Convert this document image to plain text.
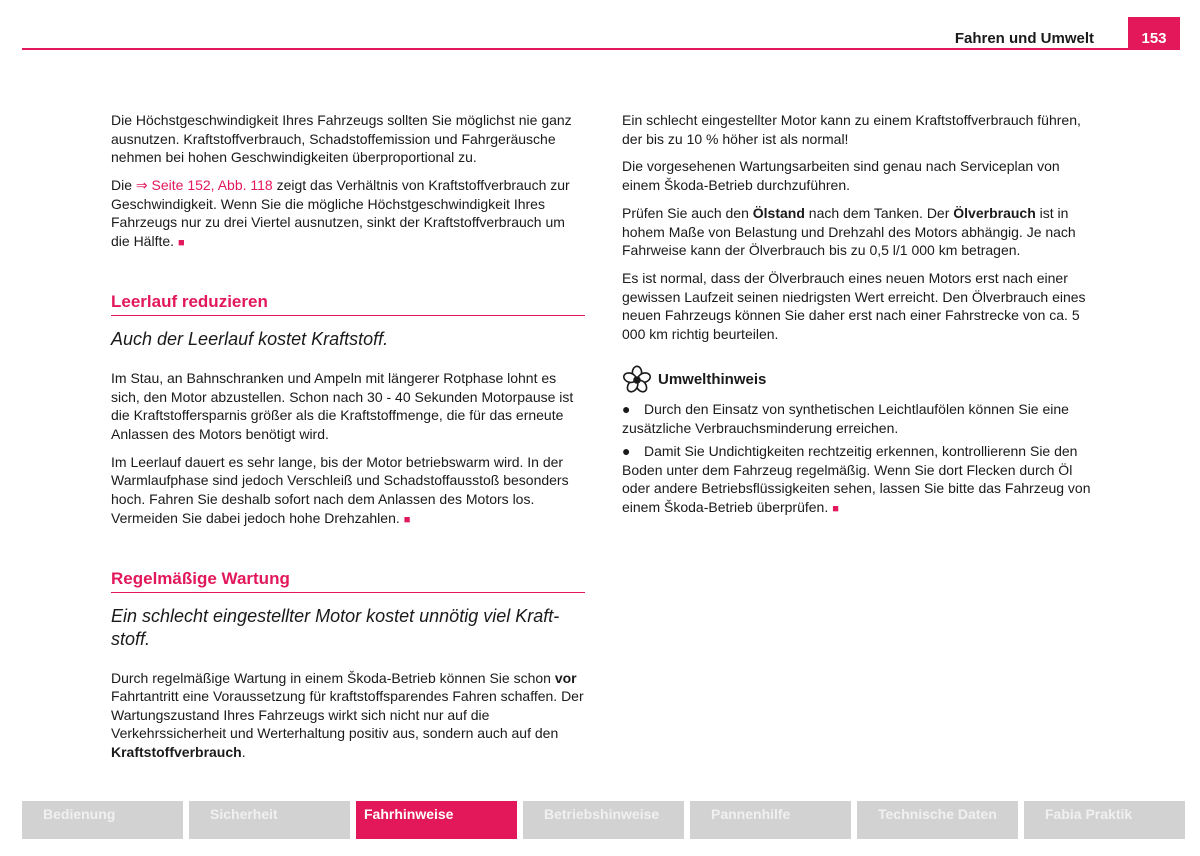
Fahren und Umwelt	153

Die Höchstgeschwindigkeit Ihres Fahrzeugs sollten Sie möglichst nie ganz ausnutzen. Kraftstoffverbrauch, Schadstoffemission und Fahrgeräusche nehmen bei hohen Geschwindigkeiten überproportional zu.

Die ⇒ Seite 152, Abb. 118 zeigt das Verhältnis von Kraftstoffverbrauch zur Geschwindigkeit. Wenn Sie die mögliche Höchstgeschwindigkeit Ihres Fahrzeugs nur zu drei Viertel ausnutzen, sinkt der Kraftstoffverbrauch um die Hälfte. ■

Leerlauf reduzieren
Auch der Leerlauf kostet Kraftstoff.

Im Stau, an Bahnschranken und Ampeln mit längerer Rotphase lohnt es sich, den Motor abzustellen. Schon nach 30 - 40 Sekunden Motorpause ist die Kraftstoffersparnis größer als die Kraftstoffmenge, die für das erneute Anlassen des Motors benötigt wird.

Im Leerlauf dauert es sehr lange, bis der Motor betriebswarm wird. In der Warmlaufphase sind jedoch Verschleiß und Schadstoffausstoß besonders hoch. Fahren Sie deshalb sofort nach dem Anlassen des Motors los. Vermeiden Sie dabei jedoch hohe Drehzahlen. ■

Regelmäßige Wartung
Ein schlecht eingestellter Motor kostet unnötig viel Kraftstoff.

Durch regelmäßige Wartung in einem Škoda-Betrieb können Sie schon vor Fahrtantritt eine Voraussetzung für kraftstoffsparendes Fahren schaffen. Der Wartungszustand Ihres Fahrzeugs wirkt sich nicht nur auf die Verkehrssicherheit und Werterhaltung positiv aus, sondern auch auf den Kraftstoffverbrauch.

Ein schlecht eingestellter Motor kann zu einem Kraftstoffverbrauch führen, der bis zu 10 % höher ist als normal!

Die vorgesehenen Wartungsarbeiten sind genau nach Serviceplan von einem Škoda-Betrieb durchzuführen.

Prüfen Sie auch den Ölstand nach dem Tanken. Der Ölverbrauch ist in hohem Maße von Belastung und Drehzahl des Motors abhängig. Je nach Fahrweise kann der Ölverbrauch bis zu 0,5 l/1 000 km betragen.

Es ist normal, dass der Ölverbrauch eines neuen Motors erst nach einer gewissen Laufzeit seinen niedrigsten Wert erreicht. Den Ölverbrauch eines neuen Fahrzeugs können Sie daher erst nach einer Fahrstrecke von ca. 5 000 km richtig beurteilen.

Umwelthinweis

● Durch den Einsatz von synthetischen Leichtlaufölen können Sie eine zusätzliche Verbrauchsminderung erreichen.

● Damit Sie Undichtigkeiten rechtzeitig erkennen, kontrollierenn Sie den Boden unter dem Fahrzeug regelmäßig. Wenn Sie dort Flecken durch Öl oder andere Betriebsflüssigkeiten sehen, lassen Sie bitte das Fahrzeug von einem Škoda-Betrieb überprüfen. ■

Bedienung	Sicherheit	Fahrhinweise	Betriebshinweise	Pannenhilfe	Technische Daten	Fabia Praktik
